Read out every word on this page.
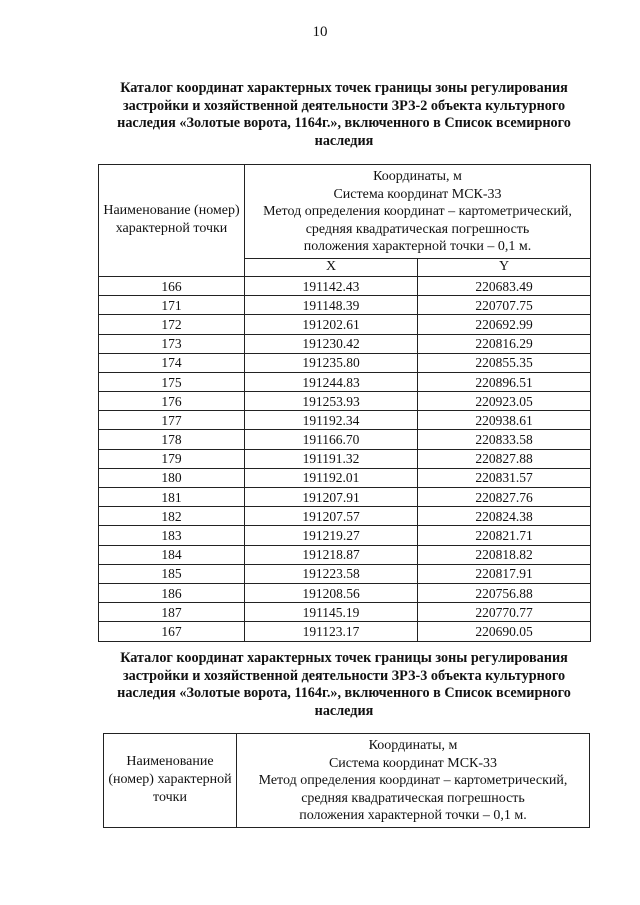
10
Каталог координат характерных точек границы зоны регулирования застройки и хозяйственной деятельности ЗРЗ-2 объекта культурного наследия «Золотые ворота, 1164г.», включенного в Список всемирного наследия
Наименование (номер) характерной точки	Координаты, м
Система координат МСК-33
Метод определения координат – картометрический,
средняя квадратическая погрешность
положения характерной точки – 0,1 м.	

	X	Y
166	191142.43	220683.49
171	191148.39	220707.75
172	191202.61	220692.99
173	191230.42	220816.29
174	191235.80	220855.35
175	191244.83	220896.51
176	191253.93	220923.05
177	191192.34	220938.61
178	191166.70	220833.58
179	191191.32	220827.88
180	191192.01	220831.57
181	191207.91	220827.76
182	191207.57	220824.38
183	191219.27	220821.71
184	191218.87	220818.82
185	191223.58	220817.91
186	191208.56	220756.88
187	191145.19	220770.77
167	191123.17	220690.05
Каталог координат характерных точек границы зоны регулирования застройки и хозяйственной деятельности ЗРЗ-3 объекта культурного наследия «Золотые ворота, 1164г.», включенного в Список всемирного наследия
Наименование (номер) характерной точки	
Координаты, м
Система координат МСК-33
Метод определения координат – картометрический,
средняя квадратическая погрешность
положения характерной точки – 0,1 м.
